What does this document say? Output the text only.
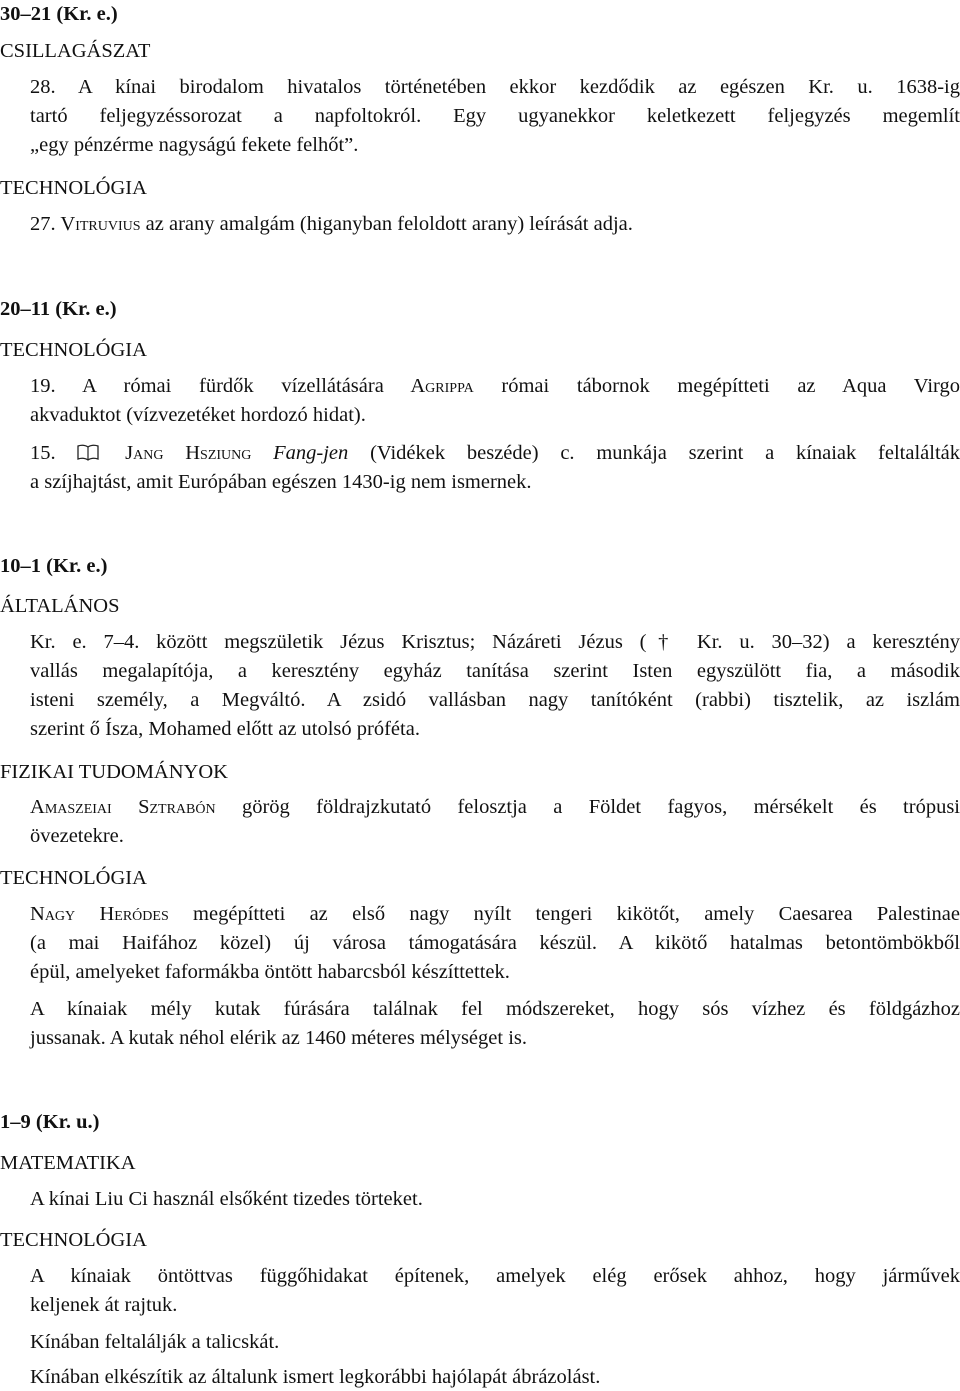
30–21 (Kr. e.)
CSILLAGÁSZAT
28. A kínai birodalom hivatalos történetében ekkor kezdődik az egészen Kr. u. 1638-ig
tartó feljegyzéssorozat a napfoltokról. Egy ugyanekkor keletkezett feljegyzés megemlít
„egy pénzérme nagyságú fekete felhőt”.
TECHNOLÓGIA
27. Vitruvius az arany amalgám (higanyban feloldott arany) leírását adja.
20–11 (Kr. e.)
TECHNOLÓGIA
19. A római fürdők vízellátására Agrippa római tábornok megépítteti az Aqua Virgo
akvaduktot (vízvezetéket hordozó hidat).
15.	Jang Hsziung Fang-jen (Vidékek beszéde) c. munkája szerint a kínaiak feltalálták
a szíjhajtást, amit Európában egészen 1430-ig nem ismernek.
10–1 (Kr. e.)
ÁLTALÁNOS
Kr. e. 7–4. között megszületik Jézus Krisztus; Názáreti Jézus († Kr. u. 30–32) a keresztény
vallás megalapítója, a keresztény egyház tanítása szerint Isten egyszülött fia, a második
isteni személy, a Megváltó. A zsidó vallásban nagy tanítóként (rabbi) tisztelik, az iszlám
szerint ő Ísza, Mohamed előtt az utolsó próféta.
FIZIKAI TUDOMÁNYOK
Amaszeiai Sztrabón görög földrajzkutató felosztja a Földet fagyos, mérsékelt és trópusi
övezetekre.
TECHNOLÓGIA
Nagy Heródes megépítteti az első nagy nyílt tengeri kikötőt, amely Caesarea Palestinae
(a mai Haifához közel) új városa támogatására készül. A kikötő hatalmas betontömbökből
épül, amelyeket faformákba öntött habarcsból készíttettek.
A kínaiak mély kutak fúrására találnak fel módszereket, hogy sós vízhez és földgázhoz
jussanak. A kutak néhol elérik az 1460 méteres mélységet is.
1–9 (Kr. u.)
MATEMATIKA
A kínai Liu Ci használ elsőként tizedes törteket.
TECHNOLÓGIA
A kínaiak öntöttvas függőhidakat építenek, amelyek elég erősek ahhoz, hogy járművek
keljenek át rajtuk.
Kínában feltalálják a talicskát.
Kínában elkészítik az általunk ismert legkorábbi hajólapát ábrázolást.
